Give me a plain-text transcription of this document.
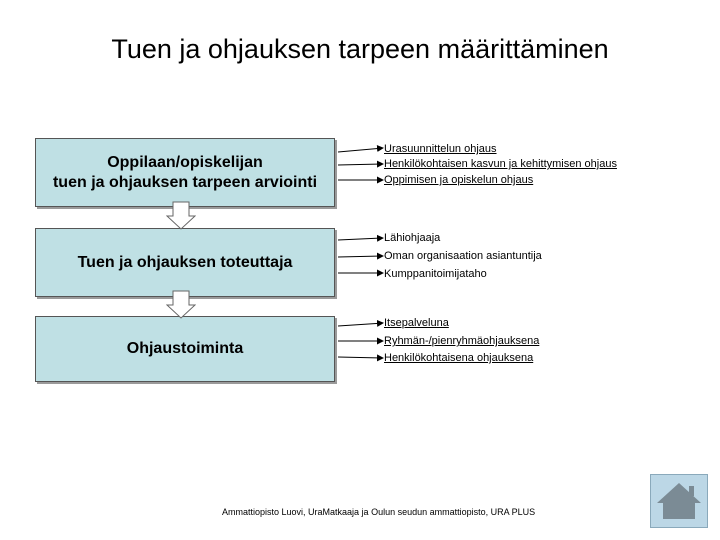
Tuen ja ohjauksen tarpeen määrittäminen
Oppilaan/opiskelijan
tuen ja ohjauksen tarpeen arviointi
Tuen ja ohjauksen toteuttaja
Ohjaustoiminta
Urasuunnittelun ohjaus
Henkilökohtaisen kasvun ja kehittymisen ohjaus
Oppimisen ja opiskelun ohjaus
Lähiohjaaja
Oman organisaation asiantuntija
Kumppanitoimijataho
Itsepalveluna
Ryhmän-/pienryhmäohjauksena
Henkilökohtaisena ohjauksena
Ammattiopisto Luovi, UraMatkaaja ja Oulun seudun ammattiopisto, URA PLUS
